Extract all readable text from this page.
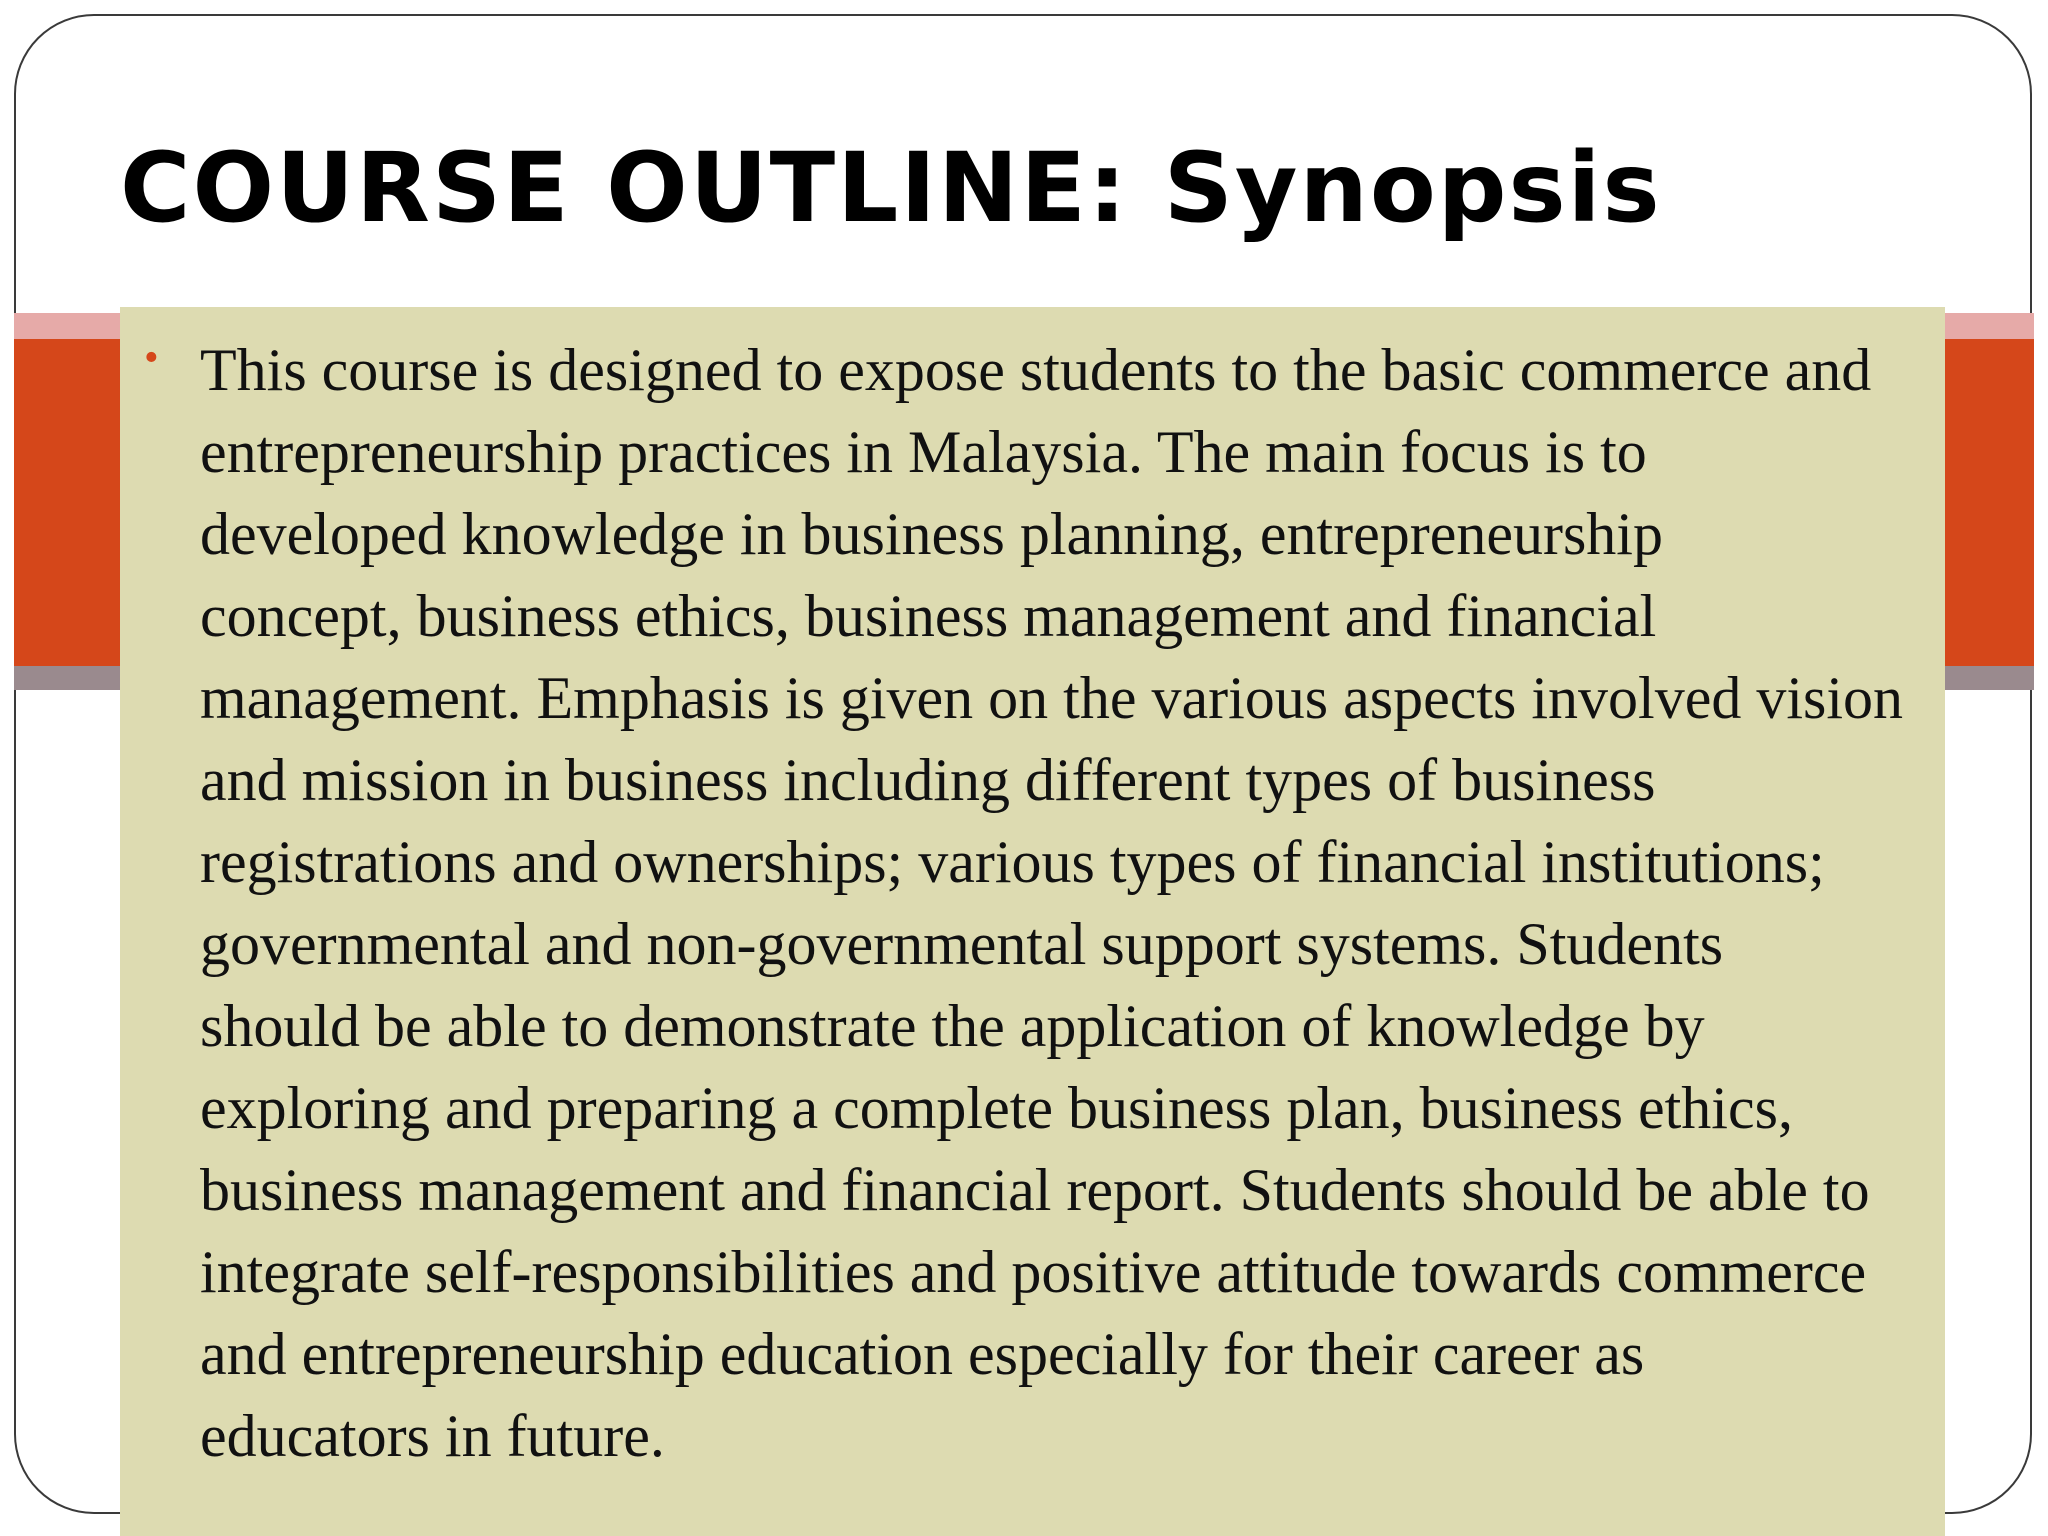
COURSE OUTLINE: Synopsis
• This course is designed to expose students to the basic commerce and
entrepreneurship practices in Malaysia. The main focus is to
developed knowledge in business planning, entrepreneurship
concept, business ethics, business management and financial
management. Emphasis is given on the various aspects involved vision
and mission in business including different types of business
registrations and ownerships; various types of financial institutions;
governmental and non-governmental support systems. Students
should be able to demonstrate the application of knowledge by
exploring and preparing a complete business plan, business ethics,
business management and financial report. Students should be able to
integrate self-responsibilities and positive attitude towards commerce
and entrepreneurship education especially for their career as
educators in future.
